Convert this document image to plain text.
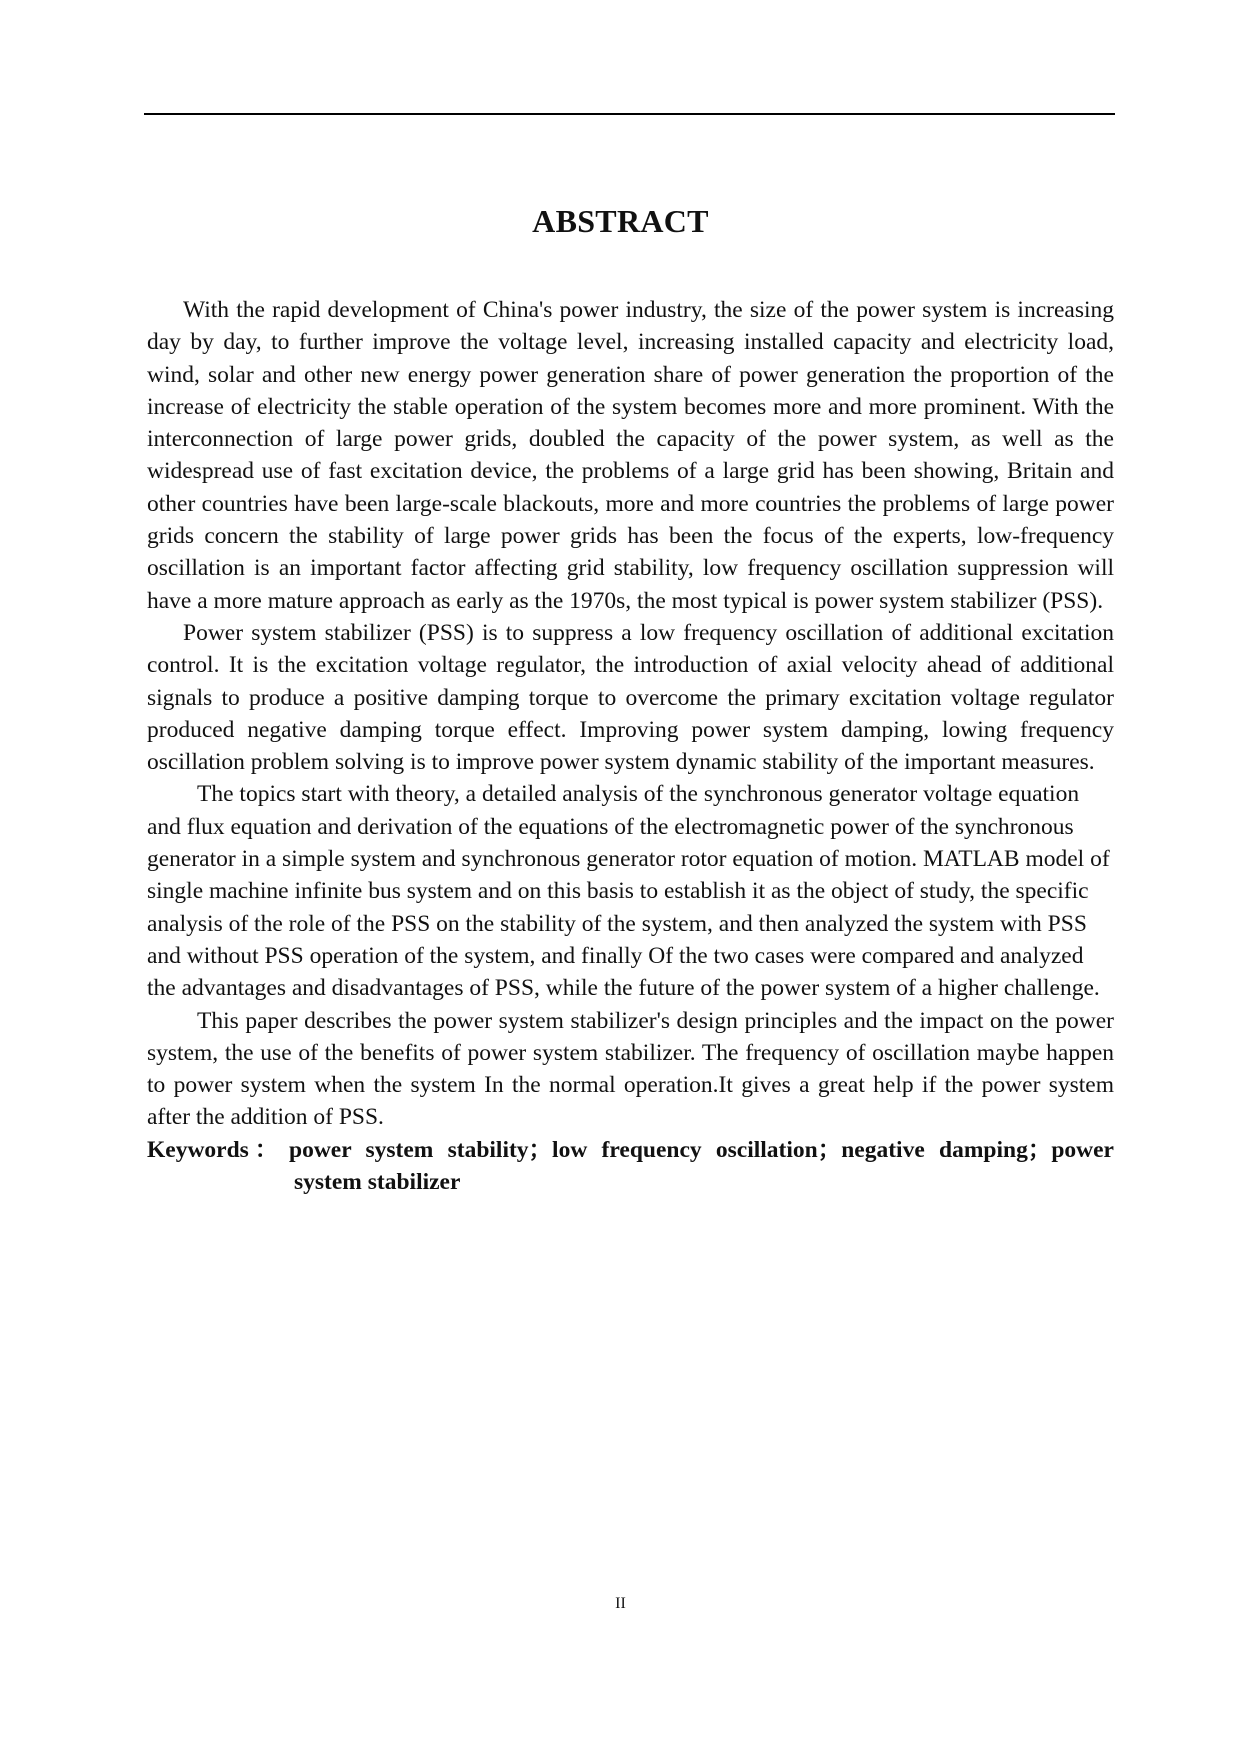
ABSTRACT

With the rapid development of China's power industry, the size of the power system is increasing day by day, to further improve the voltage level, increasing installed capacity and electricity load, wind, solar and other new energy power generation share of power generation the proportion of the increase of electricity the stable operation of the system becomes more and more prominent. With the interconnection of large power grids, doubled the capacity of the power system, as well as the widespread use of fast excitation device, the problems of a large grid has been showing, Britain and other countries have been large-scale blackouts, more and more countries the problems of large power grids concern the stability of large power grids has been the focus of the experts, low-frequency oscillation is an important factor affecting grid stability, low frequency oscillation suppression will have a more mature approach as early as the 1970s, the most typical is power system stabilizer (PSS).

Power system stabilizer (PSS) is to suppress a low frequency oscillation of additional excitation control. It is the excitation voltage regulator, the introduction of axial velocity ahead of additional signals to produce a positive damping torque to overcome the primary excitation voltage regulator produced negative damping torque effect. Improving power system damping, lowing frequency oscillation problem solving is to improve power system dynamic stability of the important measures.

The topics start with theory, a detailed analysis of the synchronous generator voltage equation and flux equation and derivation of the equations of the electromagnetic power of the synchronous generator in a simple system and synchronous generator rotor equation of motion. MATLAB model of single machine infinite bus system and on this basis to establish it as the object of study, the specific analysis of the role of the PSS on the stability of the system, and then analyzed the system with PSS and without PSS operation of the system, and finally Of the two cases were compared and analyzed the advantages and disadvantages of PSS, while the future of the power system of a higher challenge.

This paper describes the power system stabilizer's design principles and the impact on the power system, the use of the benefits of power system stabilizer. The frequency of oscillation maybe happen to power system when the system In the normal operation.It gives a great help if the power system after the addition of PSS.

Keywords ： power system stability；low frequency oscillation；negative damping；power system stabilizer

II
